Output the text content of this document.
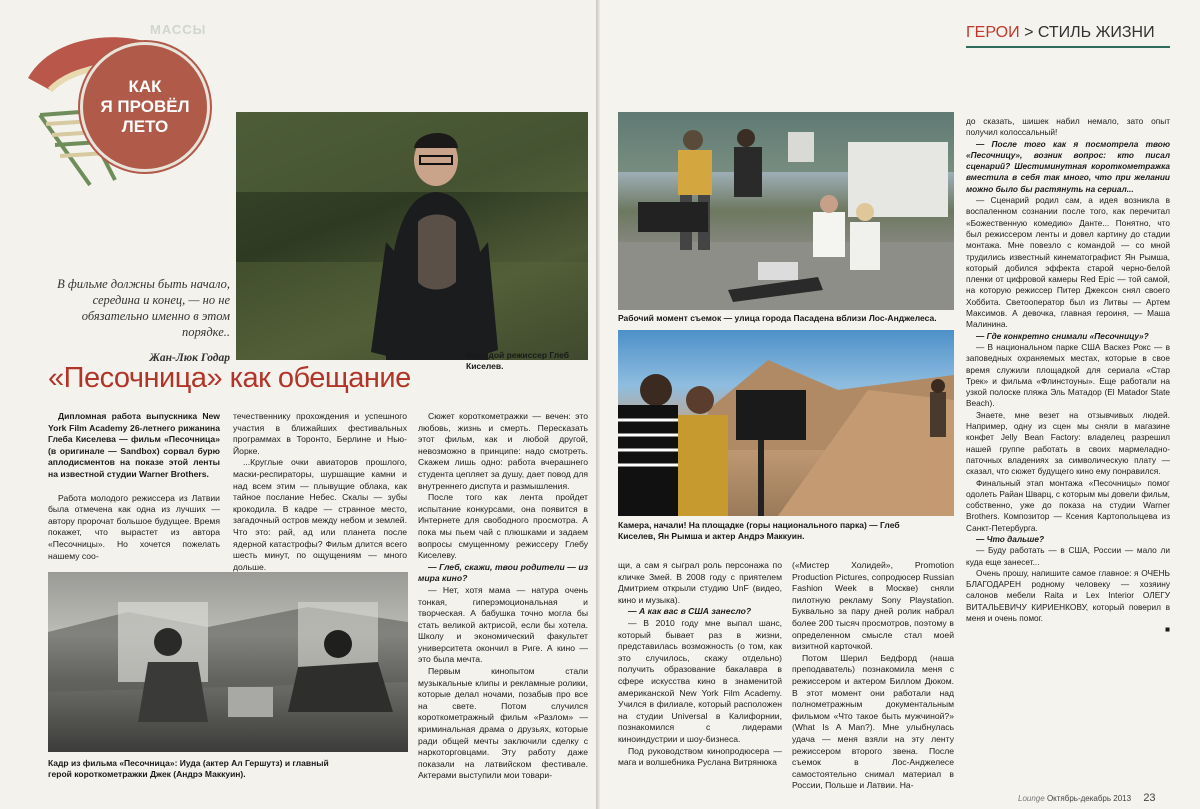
МАССЫ
КАК
Я ПРОВЁЛ
ЛЕТО
Молодой режиссер Глеб Киселев.
В фильме должны быть начало, середина и конец, — но не обязательно именно в этом порядке..
Жан-Люк Годар
«Песочница» как обещание

Дипломная работа выпускника New York Film Academy 26-летнего рижанина Глеба Киселева — фильм «Песочница» (в оригинале — Sandbox) сорвал бурю аплодисментов на показе этой ленты на известной студии Warner Brothers.

Работа молодого режиссера из Латвии была отмечена как одна из лучших — автору пророчат большое будущее. Время покажет, что вырастет из автора «Песочницы». Но хочется пожелать нашему соо-

течественнику прохождения и успешного участия в ближайших фестивальных программах в Торонто, Берлине и Нью-Йорке.

...Круглые очки авиаторов прошлого, маски-респираторы, шуршащие камни и над всем этим — плывущие облака, как тайное послание Небес. Скалы — зубы крокодила. В кадре — странное место, загадочный остров между небом и землей. Что это: рай, ад или планета после ядерной катастрофы? Фильм длится всего шесть минут, по ощущениям — много дольше.

Сюжет короткометражки — вечен: это любовь, жизнь и смерть. Пересказать этот фильм, как и любой другой, невозможно в принципе: надо смотреть. Скажем лишь одно: работа вчерашнего студента цепляет за душу, дает повод для внутреннего диспута и размышления.

После того как лента пройдет испытание конкурсами, она появится в Интернете для свободного просмотра. А пока мы пьем чай с плюшками и задаем вопросы смущенному режиссеру Глебу Киселеву.

— Глеб, скажи, твои родители — из мира кино?

— Нет, хотя мама — натура очень тонкая, гиперэмоциональная и творческая. А бабушка точно могла бы стать великой актрисой, если бы хотела. Школу и экономический факультет университета окончил в Риге. А кино — это была мечта.

Первым кинопытом стали музыкальные клипы и рекламные ролики, которые делал ночами, позабыв про все на свете. Потом случился короткометражный фильм «Разлом» — криминальная драма о друзьях, которые ради общей мечты заключили сделку с наркоторговцами. Эту работу даже показали на латвийском фестивале. Актерами выступили мои товари-

Кадр из фильма «Песочница»: Иуда (актер Ал Гершутз) и главный герой короткометражки Джек (Андрэ Маккуин).
ГЕРОИ > СТИЛЬ ЖИЗНИ
Рабочий момент съемок — улица города Пасадена вблизи Лос-Анджелеса.
Камера, начали! На площадке (горы национального парка) — Глеб Киселев, Ян Рымша и актер Андрэ Маккуин.

щи, а сам я сыграл роль персонажа по кличке Змей. В 2008 году с приятелем Дмитрием открыли студию UnF (видео, кино и музыка).

— А как вас в США занесло?

— В 2010 году мне выпал шанс, который бывает раз в жизни, представилась возможность (о том, как это случилось, скажу отдельно) получить образование бакалавра в сфере искусства кино в знаменитой американской New York Film Academy. Учился в филиале, который расположен на студии Universal в Калифорнии, познакомился с лидерами киноиндустрии и шоу-бизнеса.

Под руководством кинопродюсера — мага и волшебника Руслана Витрянюка

(«Мистер Холидей», Promotion Production Pictures, сопродюсер Russian Fashion Week в Москве) сняли пилотную рекламу Sony Playstation. Буквально за пару дней ролик набрал более 200 тысяч просмотров, поэтому в определенном смысле стал моей визитной карточкой.

Потом Шерил Бедфорд (наша преподаватель) познакомила меня с режиссером и актером Биллом Дюком. В этот момент они работали над полнометражным документальным фильмом «Что такое быть мужчиной?» (What Is A Man?). Мне улыбнулась удача — меня взяли на эту ленту режиссером второго звена. После съемок в Лос-Анджелесе самостоятельно снимал материал в России, Польше и Латвии. На-

до сказать, шишек набил немало, зато опыт получил колоссальный!

— После того как я посмотрела твою «Песочницу», возник вопрос: кто писал сценарий? Шестиминутная короткометражка вместила в себя так много, что при желании можно было бы растянуть на сериал...

— Сценарий родил сам, а идея возникла в воспаленном сознании после того, как перечитал «Божественную комедию» Данте... Понятно, что был режиссером ленты и довел картину до стадии монтажа. Мне повезло с командой — со мной трудились известный кинематографист Ян Рымша, который добился эффекта старой черно-белой пленки от цифровой камеры Red Epic — той самой, на которую режиссер Питер Джексон снял своего Хоббита. Светооператор был из Литвы — Артем Максимов. А девочка, главная героиня, — Маша Малинина.

— Где конкретно снимали «Песочницу»?

— В национальном парке США Васкез Рокс — в заповедных охраняемых местах, которые в свое время служили площадкой для сериала «Стар Трек» и фильма «Флинстоуны». Еще работали на узкой полоске пляжа Эль Матадор (El Matador State Beach).

Знаете, мне везет на отзывчивых людей. Например, одну из сцен мы сняли в магазине конфет Jelly Bean Factory: владелец разрешил нашей группе работать в своих мармеладно-паточных владениях за символическую плату — сказал, что сюжет будущего кино ему понравился.

Финальный этап монтажа «Песочницы» помог одолеть Райан Шварц, с которым мы довели фильм, собственно, уже до показа на студии Warner Brothers. Композитор — Ксения Картополыцева из Санкт-Петербурга.

— Что дальше?

— Буду работать — в США, России — мало ли куда еще занесет...

Очень прошу, напишите самое главное: я ОЧЕНЬ БЛАГОДАРЕН родному человеку — хозяину салонов мебели Raita и Lex Interior ОЛЕГУ ВИТАЛЬЕВИЧУ КИРИЕНКОВУ, который поверил в меня и очень помог.

■

Lounge Октябрь-декабрь 2013 23
